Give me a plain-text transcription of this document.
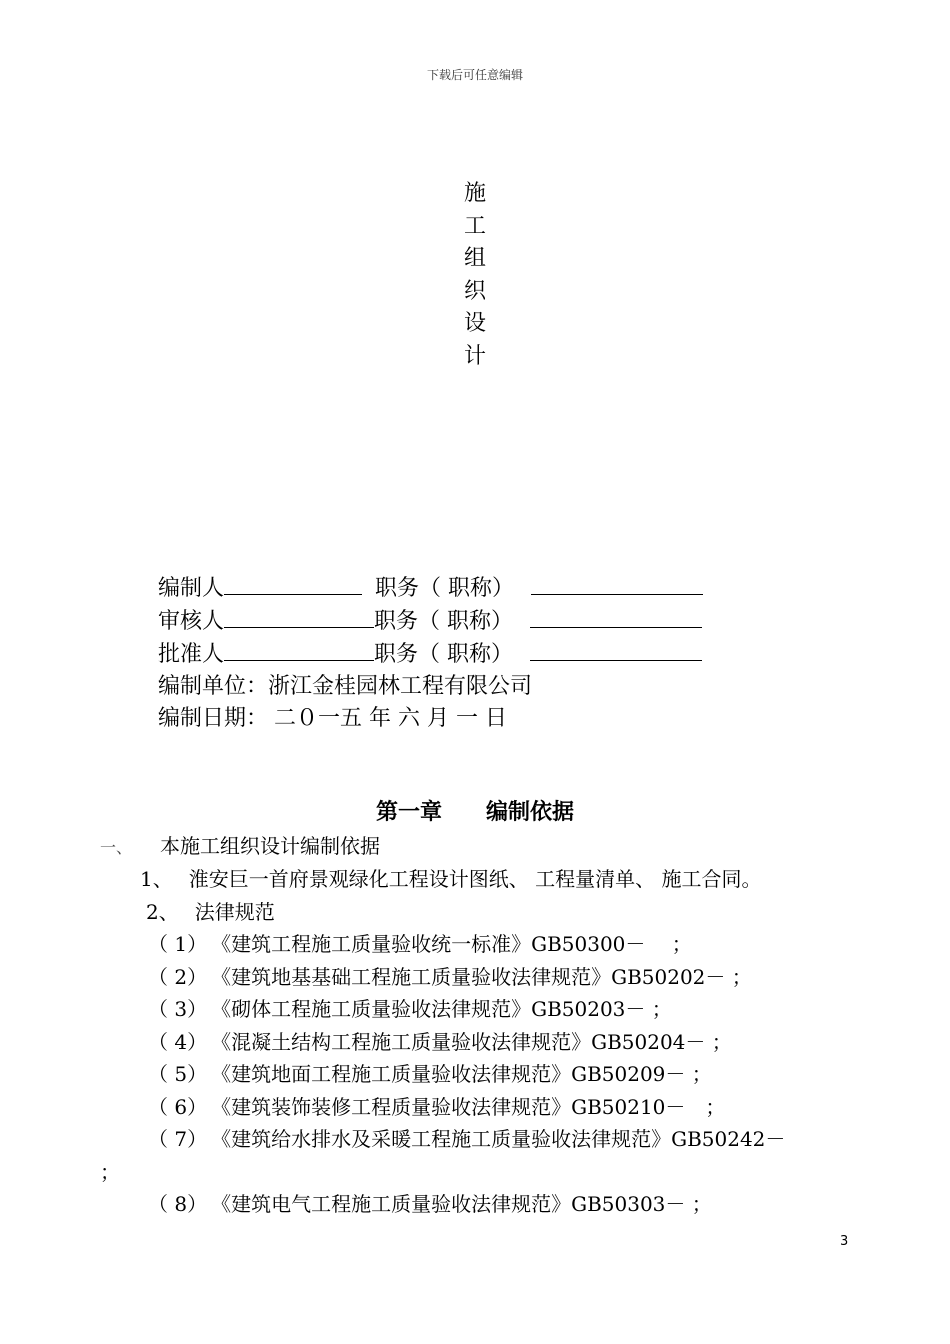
下载后可任意编辑
施
工
组
织
设
计
编制人	职务（ 职称）
审核人	职务（ 职称）
批准人	职务（ 职称）
编制单位：浙江金桂园林工程有限公司
编制日期： 二０一五 年 六 月 一 日
第一章　　编制依据
一、 本施工组织设计编制依据
1、 淮安巨一首府景观绿化工程设计图纸、 工程量清单、 施工合同。
2、 法律规范
（ 1） 《建筑工程施工质量验收统一标准》GB50300－　 ；
（ 2） 《建筑地基基础工程施工质量验收法律规范》GB50202－ ；
（ 3） 《砌体工程施工质量验收法律规范》GB50203－ ；
（ 4） 《混凝土结构工程施工质量验收法律规范》GB50204－ ；
（ 5） 《建筑地面工程施工质量验收法律规范》GB50209－ ；
（ 6） 《建筑装饰装修工程质量验收法律规范》GB50210－　；
（ 7） 《建筑给水排水及采暖工程施工质量验收法律规范》GB50242－
；
（ 8） 《建筑电气工程施工质量验收法律规范》GB50303－ ；
3
